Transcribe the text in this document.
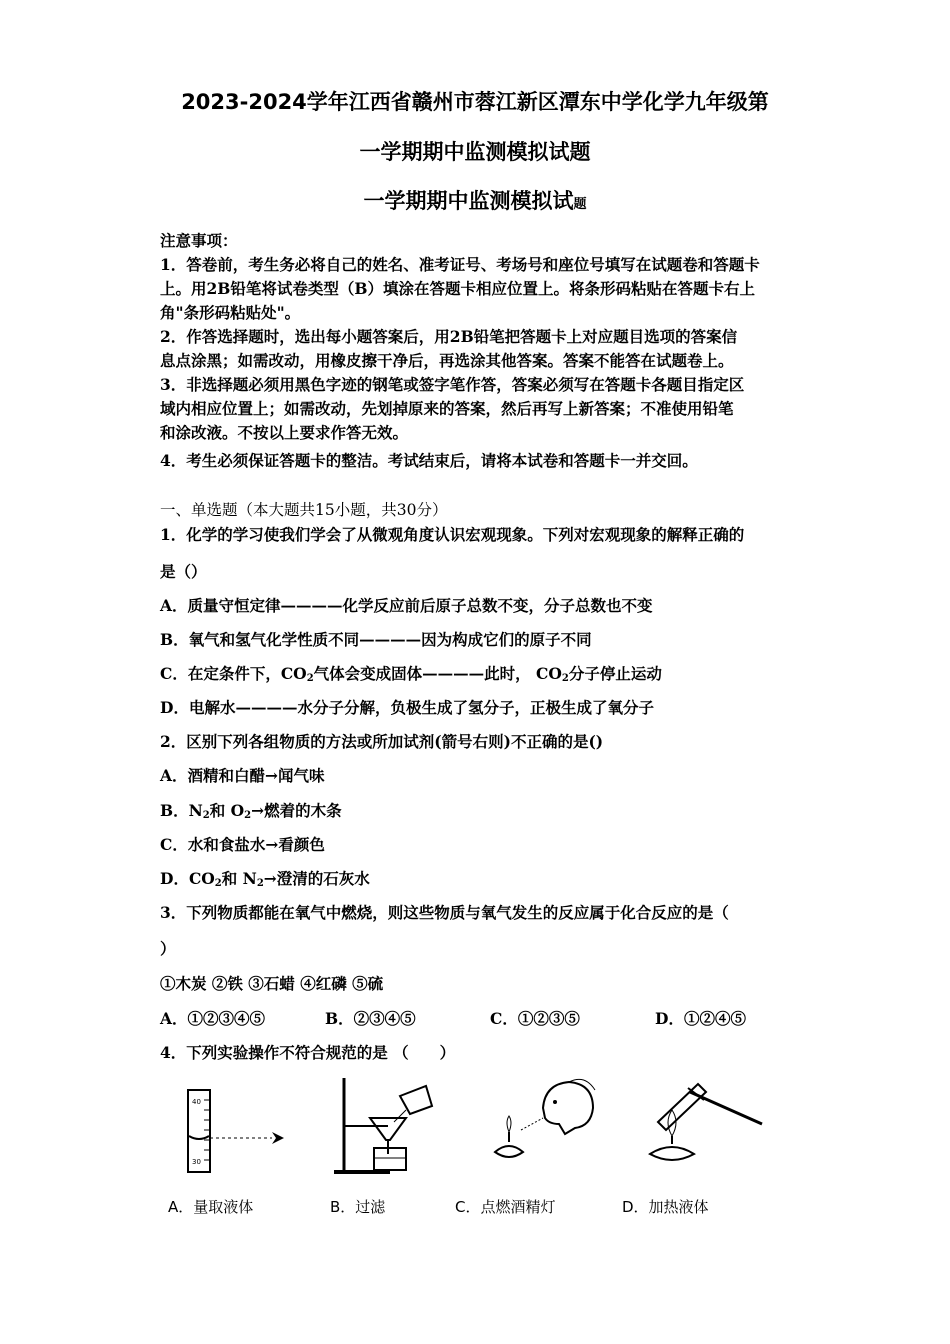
2023-2024学年江西省赣州市蓉江新区潭东中学化学九年级第
一学期期中监测模拟试题
一学期期中监测模拟试题
注意事项：
1．答卷前，考生务必将自己的姓名、准考证号、考场号和座位号填写在试题卷和答题卡
上。用2B铅笔将试卷类型（B）填涂在答题卡相应位置上。将条形码粘贴在答题卡右上
角"条形码粘贴处"。
2．作答选择题时，选出每小题答案后，用2B铅笔把答题卡上对应题目选项的答案信
息点涂黑；如需改动，用橡皮擦干净后，再选涂其他答案。答案不能答在试题卷上。
3．非选择题必须用黑色字迹的钢笔或签字笔作答，答案必须写在答题卡各题目指定区
域内相应位置上；如需改动，先划掉原来的答案，然后再写上新答案；不准使用铅笔
和涂改液。不按以上要求作答无效。
4．考生必须保证答题卡的整洁。考试结束后，请将本试卷和答题卡一并交回。
一、单选题（本大题共15小题，共30分）
1．化学的学习使我们学会了从微观角度认识宏观现象。下列对宏观现象的解释正确的
是（）
A．质量守恒定律————化学反应前后原子总数不变，分子总数也不变
B．氧气和氢气化学性质不同————因为构成它们的原子不同
C．在定条件下，$CO_2$气体会变成固体————此时， $CO_2$分子停止运动
D．电解水————水分子分解，负极生成了氢分子，正极生成了氧分子
2．区别下列各组物质的方法或所加试剂(箭号右则)不正确的是()
A．酒精和白醋→闻气味
B．$N_2$和 $O_2\to$燃着的木条
C．水和食盐水→看颜色
D．$CO_2$和 $N_2\to$澄清的石灰水
3．下列物质都能在氧气中燃烧，则这些物质与氧气发生的反应属于化合反应的是（
）
①木炭 ②铁 ③石蜡 ④红磷 ⑤硫
A．①②③④⑤	B．②③④⑤	C．①②③⑤	D．①②④⑤
4．下列实验操作不符合规范的是 （　　）
40
30
A．量取液体	B．过滤	C．点燃酒精灯	D．加热液体
